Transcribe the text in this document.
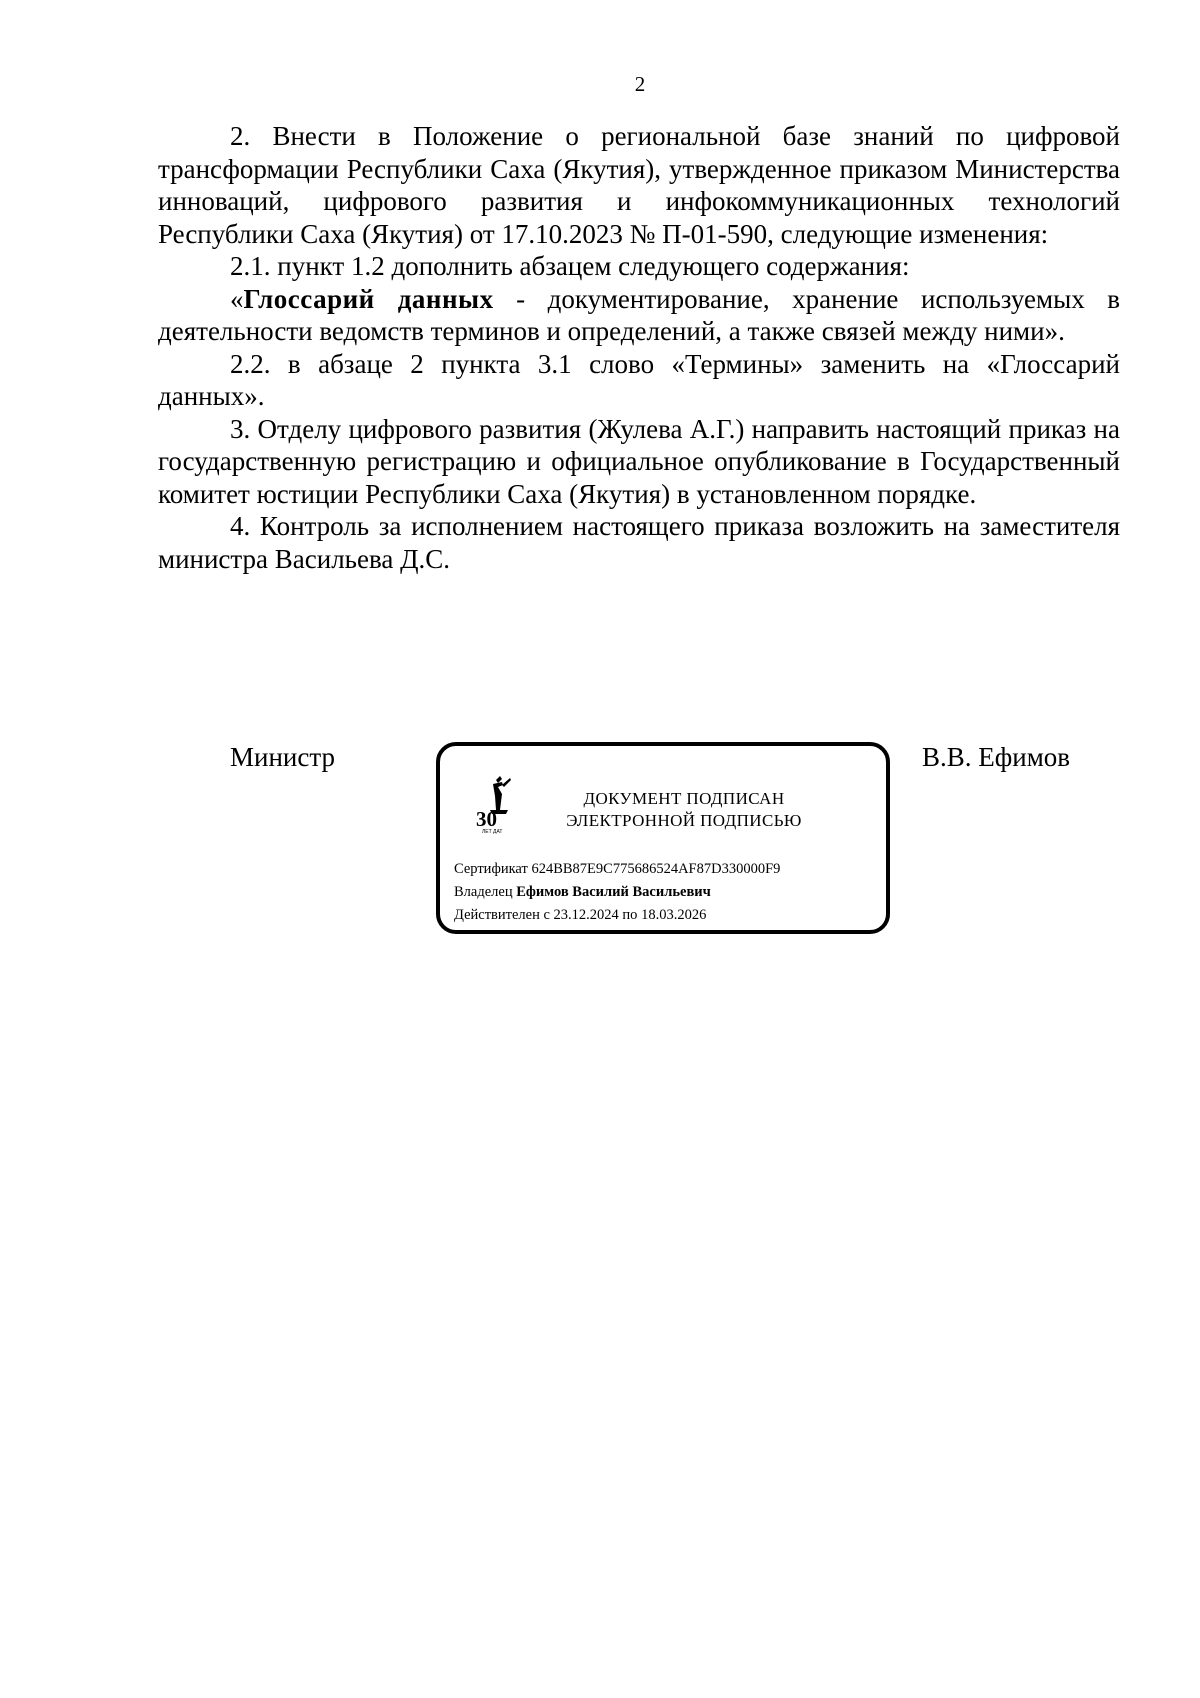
2

2. Внести в Положение о региональной базе знаний по цифровой трансформации Республики Саха (Якутия), утвержденное приказом Министерства инноваций, цифрового развития и инфокоммуникационных технологий Республики Саха (Якутия) от 17.10.2023 № П-01-590, следующие изменения:

2.1. пункт 1.2 дополнить абзацем следующего содержания:

«Глоссарий данных - документирование, хранение используемых в деятельности ведомств терминов и определений, а также связей между ними».

2.2. в абзаце 2 пункта 3.1 слово «Термины» заменить на «Глоссарий данных».

3. Отделу цифрового развития (Жулева А.Г.) направить настоящий приказ на государственную регистрацию и официальное опубликование в Государственный комитет юстиции Республики Саха (Якутия) в установленном порядке.

4. Контроль за исполнением настоящего приказа возложить на заместителя министра Васильева Д.С.

Министр	В.В. Ефимов
30
ЛЕТ ДАТ
ДОКУМЕНТ ПОДПИСАН
ЭЛЕКТРОННОЙ ПОДПИСЬЮ
Сертификат 624BB87E9C775686524AF87D330000F9
Владелец Ефимов Василий Васильевич
Действителен с 23.12.2024 по 18.03.2026
